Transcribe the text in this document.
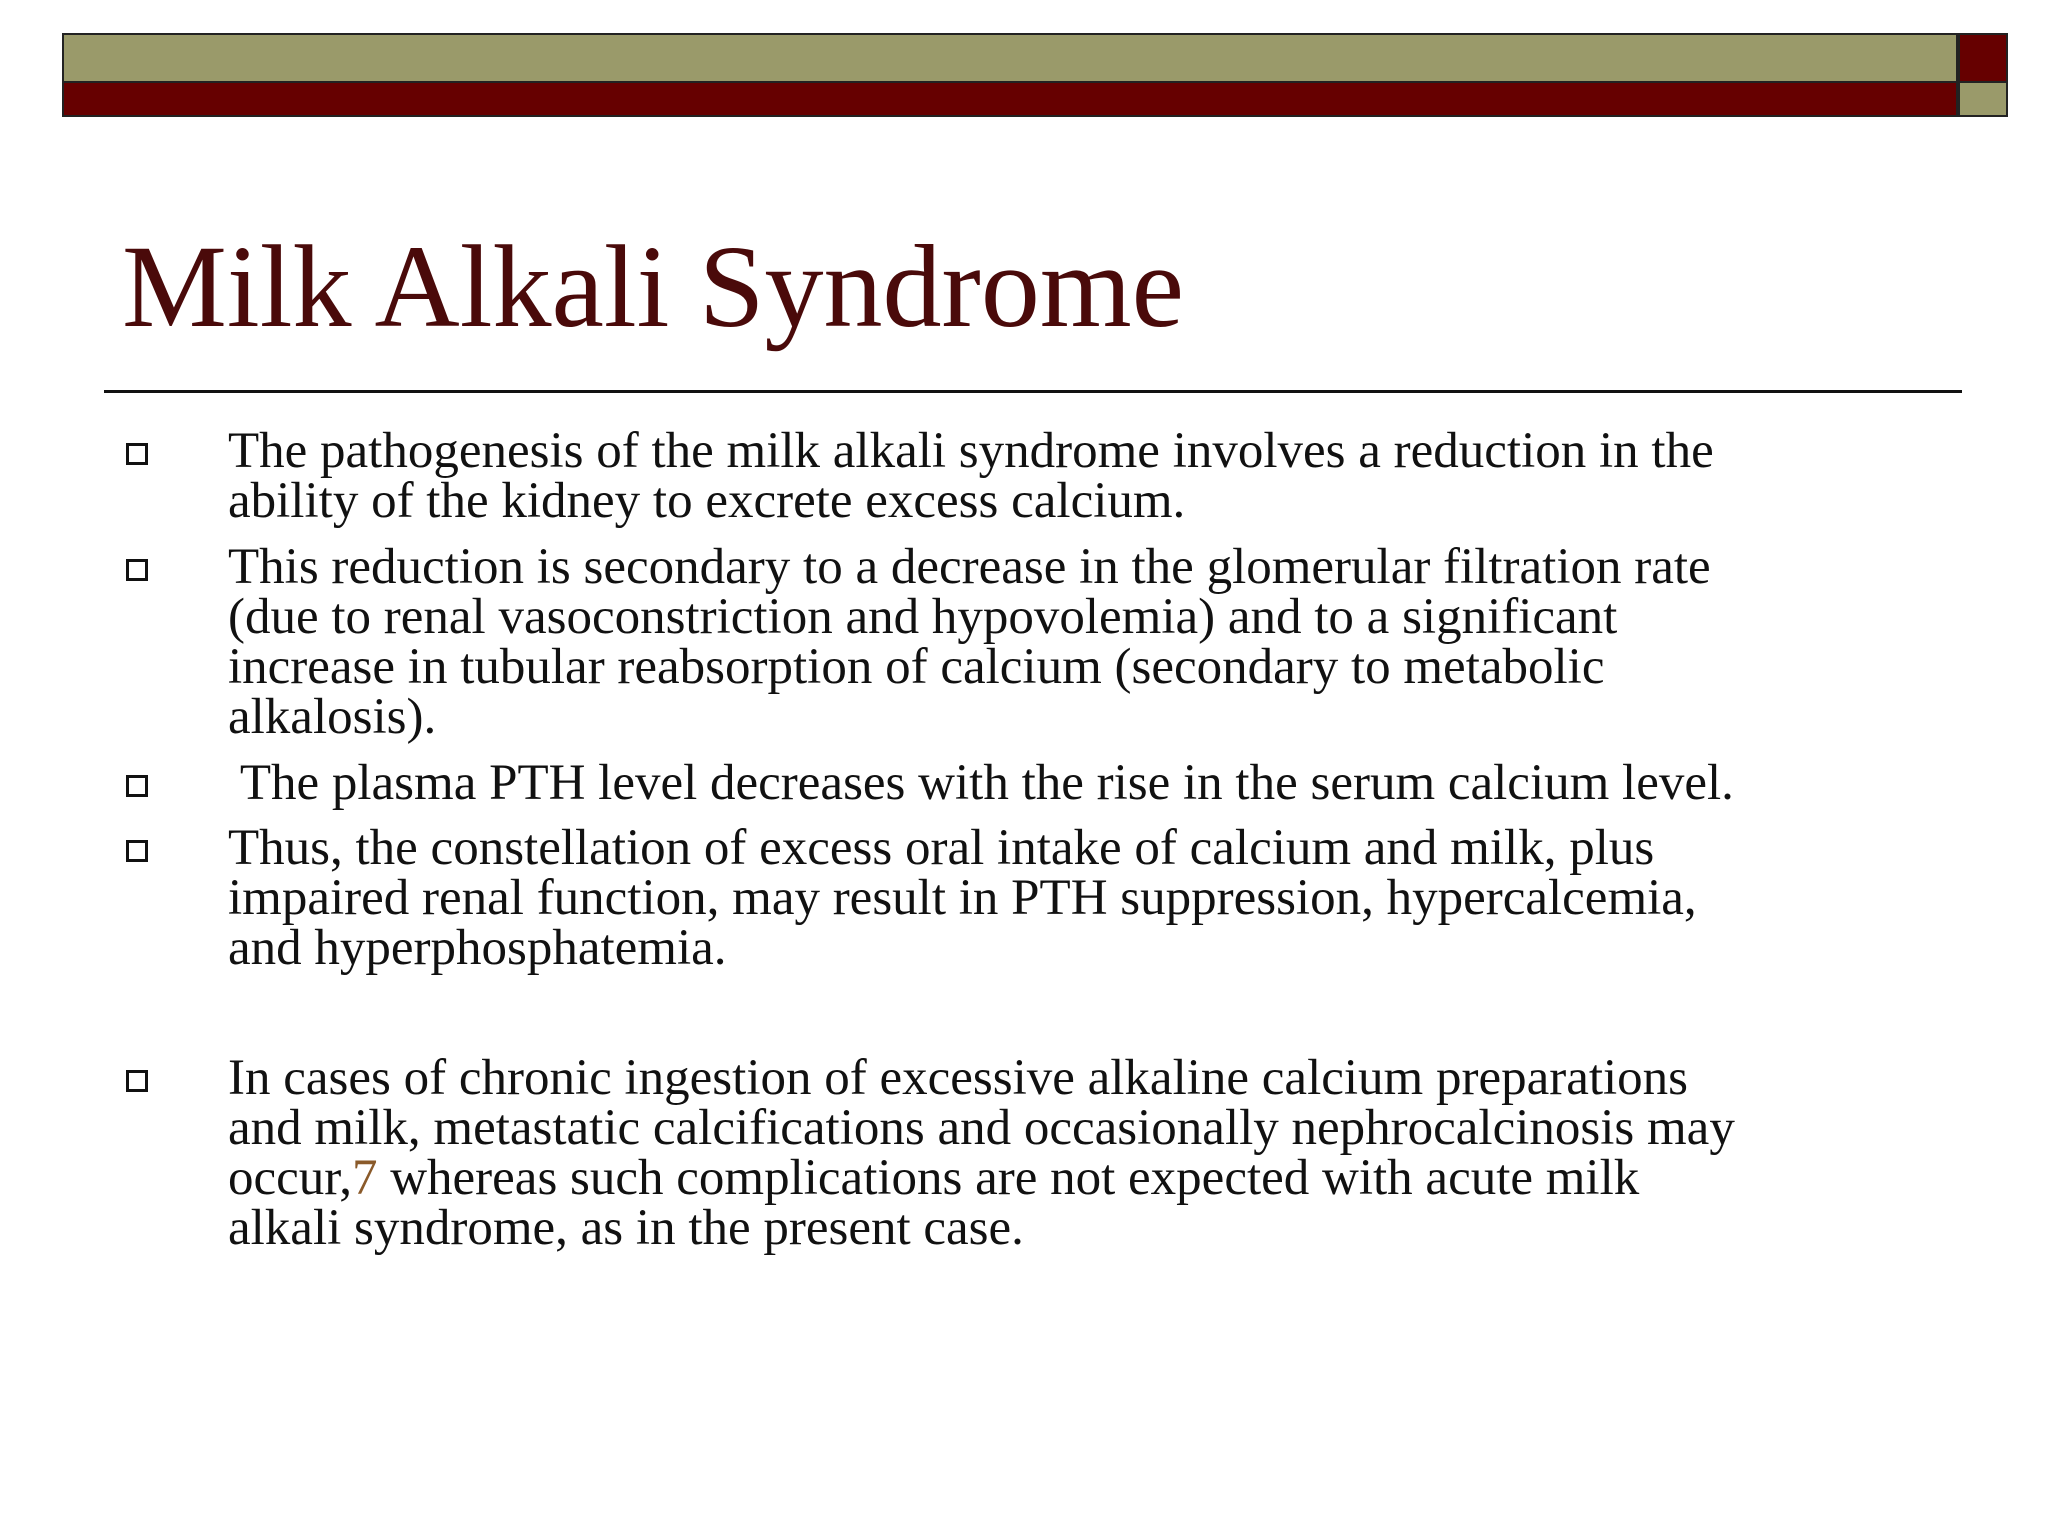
Milk Alkali Syndrome
The pathogenesis of the milk alkali syndrome involves a reduction in the
ability of the kidney to excrete excess calcium.
This reduction is secondary to a decrease in the glomerular filtration rate
(due to renal vasoconstriction and hypovolemia) and to a significant
increase in tubular reabsorption of calcium (secondary to metabolic
alkalosis).
The plasma PTH level decreases with the rise in the serum calcium level.
Thus, the constellation of excess oral intake of calcium and milk, plus
impaired renal function, may result in PTH suppression, hypercalcemia,
and hyperphosphatemia.
In cases of chronic ingestion of excessive alkaline calcium preparations
and milk, metastatic calcifications and occasionally nephrocalcinosis may
occur,7 whereas such complications are not expected with acute milk
alkali syndrome, as in the present case.
